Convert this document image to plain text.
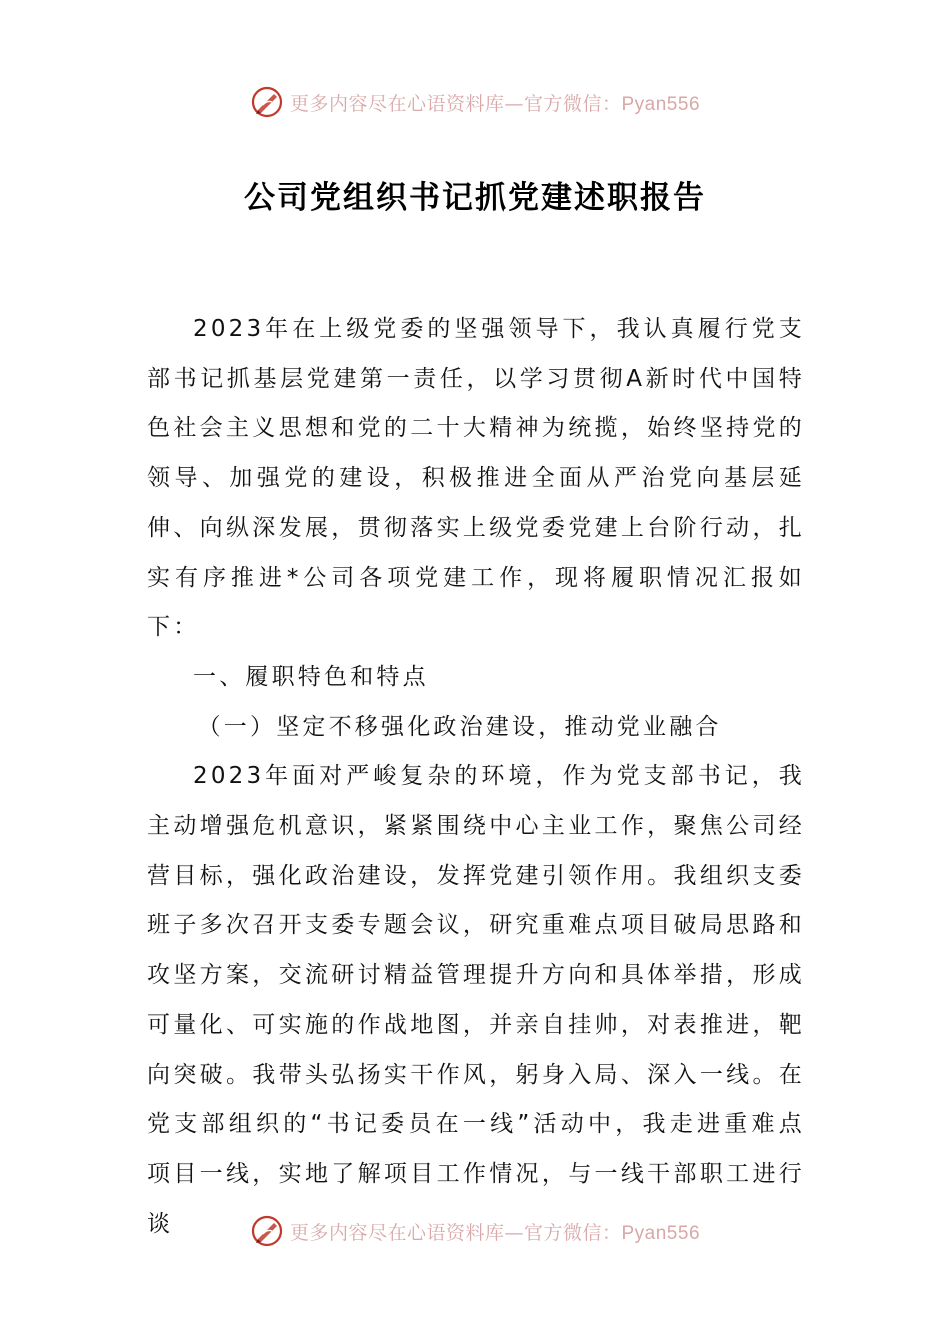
更多内容尽在心语资料库—官方微信：Pyan556
公司党组织书记抓党建述职报告

2023年在上级党委的坚强领导下，我认真履行党支部书记抓基层党建第一责任，以学习贯彻A新时代中国特色社会主义思想和党的二十大精神为统揽，始终坚持党的领导、加强党的建设，积极推进全面从严治党向基层延伸、向纵深发展，贯彻落实上级党委党建上台阶行动，扎实有序推进*公司各项党建工作，现将履职情况汇报如下：

一、履职特色和特点

（一）坚定不移强化政治建设，推动党业融合

2023年面对严峻复杂的环境，作为党支部书记，我主动增强危机意识，紧紧围绕中心主业工作，聚焦公司经营目标，强化政治建设，发挥党建引领作用。我组织支委班子多次召开支委专题会议，研究重难点项目破局思路和攻坚方案，交流研讨精益管理提升方向和具体举措，形成可量化、可实施的作战地图，并亲自挂帅，对表推进，靶向突破。我带头弘扬实干作风，躬身入局、深入一线。在党支部组织的“书记委员在一线”活动中，我走进重难点项目一线，实地了解项目工作情况，与一线干部职工进行谈	更多内容尽在心语资料库—官方微信：Pyan556
